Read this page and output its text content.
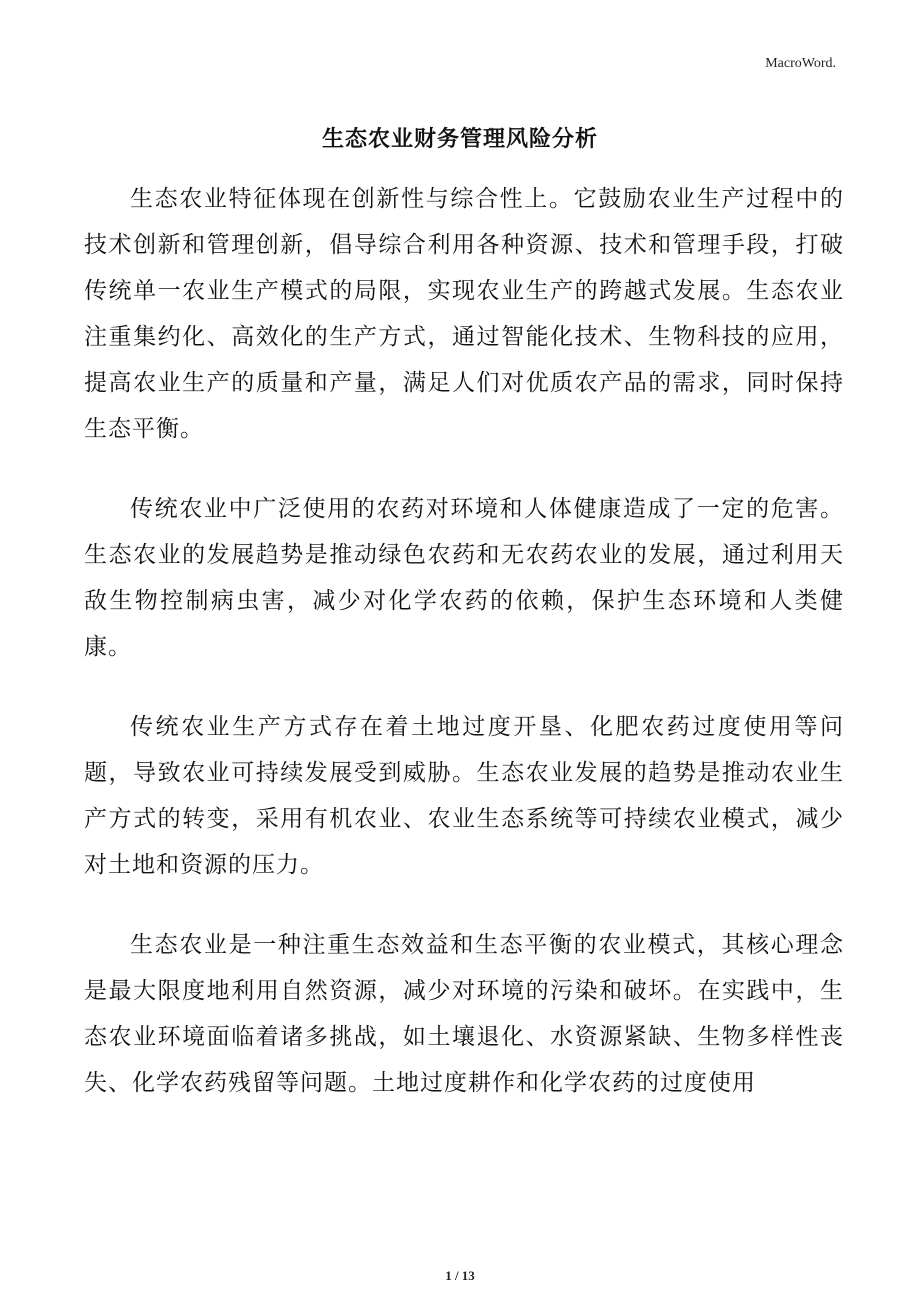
MacroWord.
生态农业财务管理风险分析

生态农业特征体现在创新性与综合性上。它鼓励农业生产过程中的技术创新和管理创新，倡导综合利用各种资源、技术和管理手段，打破传统单一农业生产模式的局限，实现农业生产的跨越式发展。生态农业注重集约化、高效化的生产方式，通过智能化技术、生物科技的应用，提高农业生产的质量和产量，满足人们对优质农产品的需求，同时保持生态平衡。

传统农业中广泛使用的农药对环境和人体健康造成了一定的危害。生态农业的发展趋势是推动绿色农药和无农药农业的发展，通过利用天敌生物控制病虫害，减少对化学农药的依赖，保护生态环境和人类健康。

传统农业生产方式存在着土地过度开垦、化肥农药过度使用等问题，导致农业可持续发展受到威胁。生态农业发展的趋势是推动农业生产方式的转变，采用有机农业、农业生态系统等可持续农业模式，减少对土地和资源的压力。

生态农业是一种注重生态效益和生态平衡的农业模式，其核心理念是最大限度地利用自然资源，减少对环境的污染和破坏。在实践中，生态农业环境面临着诸多挑战，如土壤退化、水资源紧缺、生物多样性丧失、化学农药残留等问题。土地过度耕作和化学农药的过度使用

1 / 13
